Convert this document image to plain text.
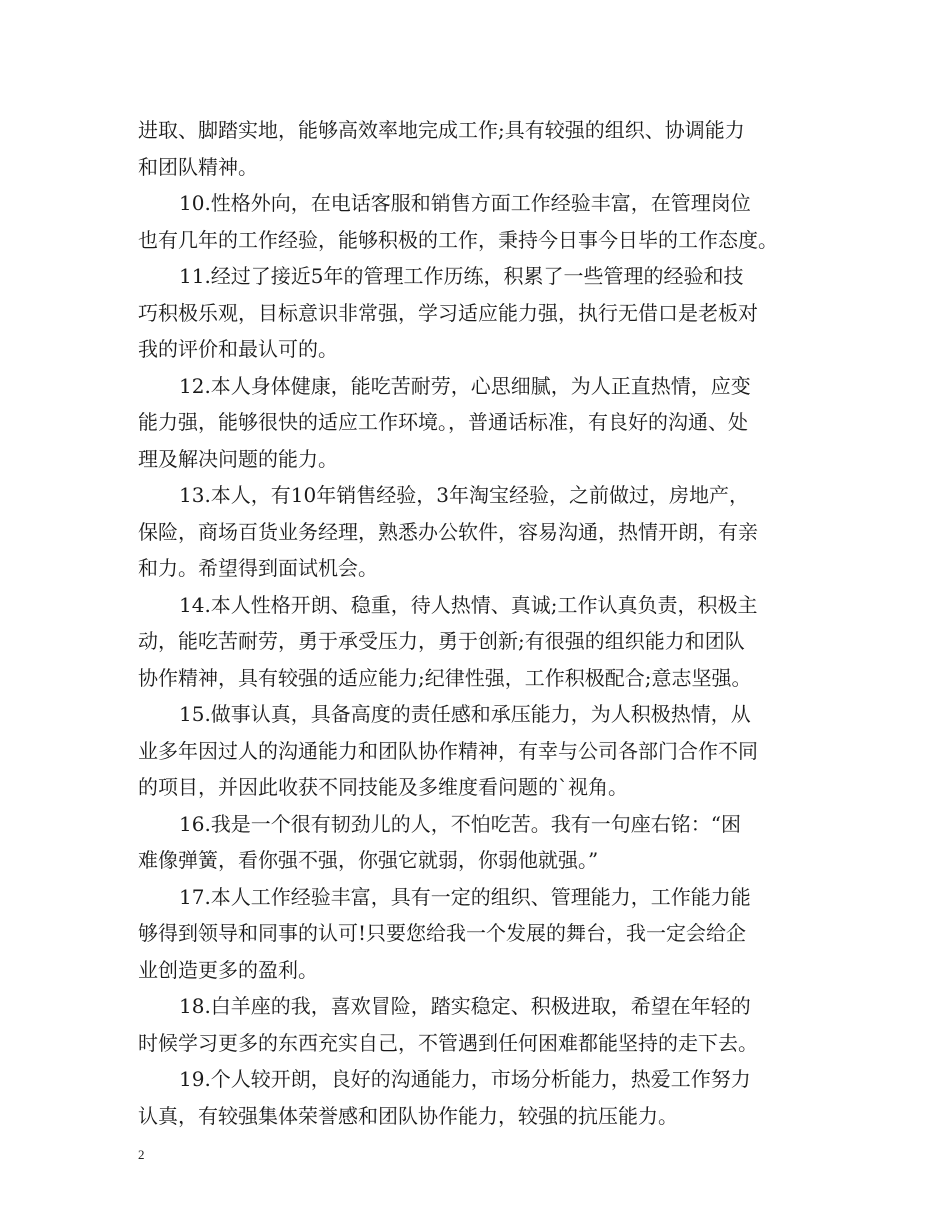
进取、脚踏实地，能够高效率地完成工作;具有较强的组织、协调能力
和团队精神。
10.性格外向，在电话客服和销售方面工作经验丰富，在管理岗位
也有几年的工作经验，能够积极的工作，秉持今日事今日毕的工作态度。
11.经过了接近5年的管理工作历练，积累了一些管理的经验和技
巧积极乐观，目标意识非常强，学习适应能力强，执行无借口是老板对
我的评价和最认可的。
12.本人身体健康，能吃苦耐劳，心思细腻，为人正直热情，应变
能力强，能够很快的适应工作环境。，普通话标准，有良好的沟通、处
理及解决问题的能力。
13.本人，有10年销售经验，3年淘宝经验，之前做过，房地产，
保险，商场百货业务经理，熟悉办公软件，容易沟通，热情开朗，有亲
和力。希望得到面试机会。
14.本人性格开朗、稳重，待人热情、真诚;工作认真负责，积极主
动，能吃苦耐劳，勇于承受压力，勇于创新;有很强的组织能力和团队
协作精神，具有较强的适应能力;纪律性强，工作积极配合;意志坚强。
15.做事认真，具备高度的责任感和承压能力，为人积极热情，从
业多年因过人的沟通能力和团队协作精神，有幸与公司各部门合作不同
的项目，并因此收获不同技能及多维度看问题的`视角。
16.我是一个很有韧劲儿的人，不怕吃苦。我有一句座右铭：“困
难像弹簧，看你强不强，你强它就弱，你弱他就强。”
17.本人工作经验丰富，具有一定的组织、管理能力，工作能力能
够得到领导和同事的认可!只要您给我一个发展的舞台，我一定会给企
业创造更多的盈利。
18.白羊座的我，喜欢冒险，踏实稳定、积极进取，希望在年轻的
时候学习更多的东西充实自己，不管遇到任何困难都能坚持的走下去。
19.个人较开朗，良好的沟通能力，市场分析能力，热爱工作努力
认真，有较强集体荣誉感和团队协作能力，较强的抗压能力。
2
